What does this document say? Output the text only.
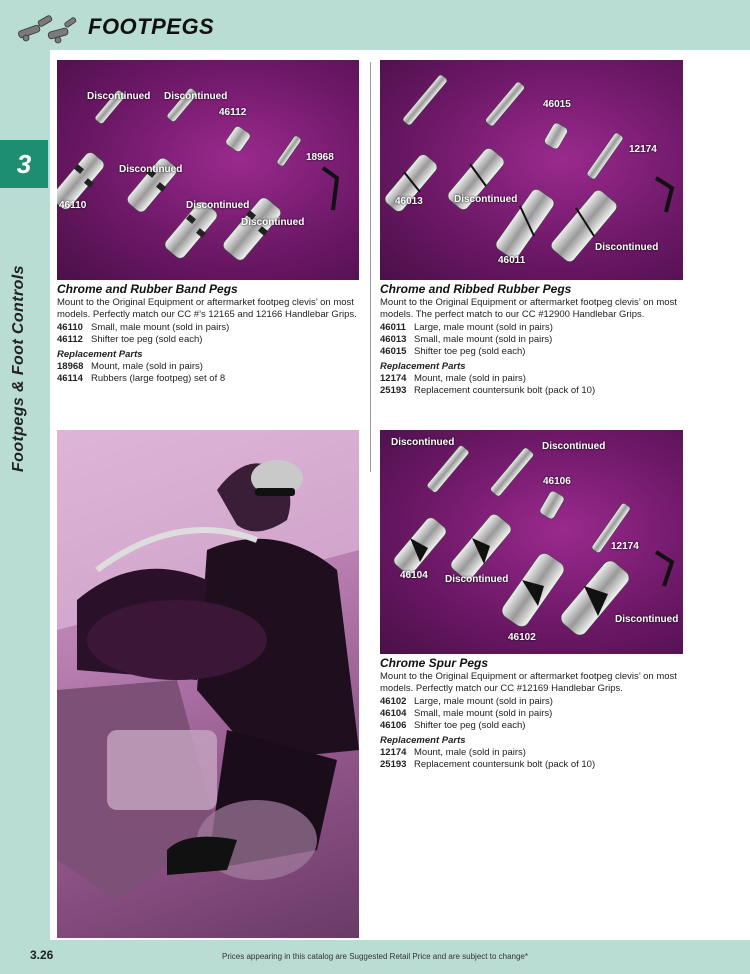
FOOTPEGS
3
Footpegs & Foot Controls
Discontinued Discontinued
46112
18968
Discontinued
46110	Discontinued
Discontinued
46015
12174
46013	Discontinued
46011
Discontinued
Discontinued	Discontinued
46106
12174
46104 Discontinued
46102
Discontinued
Chrome and Rubber Band Pegs
Mount to the Original Equipment or aftermarket footpeg clevis’ on most models. Perfectly match our CC #’s 12165 and 12166 Handlebar Grips.
46110 Small, male mount (sold in pairs)
46112 Shifter toe peg (sold each)
Replacement Parts
18968 Mount, male (sold in pairs)
46114 Rubbers (large footpeg) set of 8
Chrome and Ribbed Rubber Pegs
Mount to the Original Equipment or aftermarket footpeg clevis’ on most models. The perfect match to our CC #12900 Handlebar Grips.
46011 Large, male mount (sold in pairs)
46013 Small, male mount (sold in pairs)
46015 Shifter toe peg (sold each)
Replacement Parts
12174 Mount, male (sold in pairs)
25193 Replacement countersunk bolt (pack of 10)
Chrome Spur Pegs
Mount to the Original Equipment or aftermarket footpeg clevis’ on most models. Perfectly match our CC #12169 Handlebar Grips.
46102 Large, male mount (sold in pairs)
46104 Small, male mount (sold in pairs)
46106 Shifter toe peg (sold each)
Replacement Parts
12174 Mount, male (sold in pairs)
25193 Replacement countersunk bolt (pack of 10)
3.26	Prices appearing in this catalog are Suggested Retail Price and are subject to change*
